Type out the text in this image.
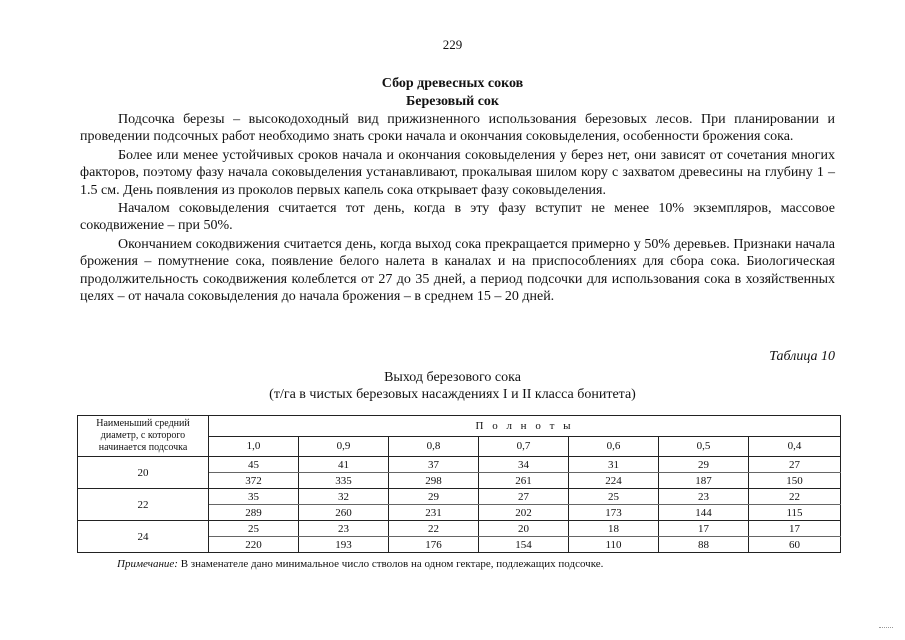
229
Сбор древесных соков
Березовый сок

Подсочка березы – высокодоходный вид прижизненного использования березовых лесов. При планировании и проведении подсочных работ необходимо знать сроки начала и окончания соковыделения, особенности брожения сока.

Более или менее устойчивых сроков начала и окончания соковыделения у берез нет, они зависят от сочетания многих факторов, поэтому фазу начала соковыделения устанавливают, прокалывая шилом кору с захватом древесины на глубину 1 – 1.5 см. День появления из проколов первых капель сока открывает фазу соковыделения.

Началом соковыделения считается тот день, когда в эту фазу вступит не менее 10% экземпляров, массовое сокодвижение – при 50%.

Окончанием сокодвижения считается день, когда выход сока прекращается примерно у 50% деревьев. Признаки начала брожения – помутнение сока, появление белого налета в каналах и на приспособлениях для сбора сока. Биологическая продолжительность сокодвижения колеблется от 27 до 35 дней, а период подсочки для использования сока в хозяйственных целях – от начала соковыделения до начала брожения – в среднем 15 – 20 дней.

Таблица 10
Выход березового сока
(т/га в чистых березовых насаждениях I и II класса бонитета)
Наименьший средний диаметр, с которого начинается подсочка	П о л н о т ы						
	1,0	0,9	0,8	0,7	0,6	0,5	0,4
20	45	41	37	34	31	29	27
	372	335	298	261	224	187	150
22	35	32	29	27	25	23	22
	289	260	231	202	173	144	115
24	25	23	22	20	18	17	17
	220	193	176	154	110	88	60
Примечание: В знаменателе дано минимальное число стволов на одном гектаре, подлежащих подсочке.
